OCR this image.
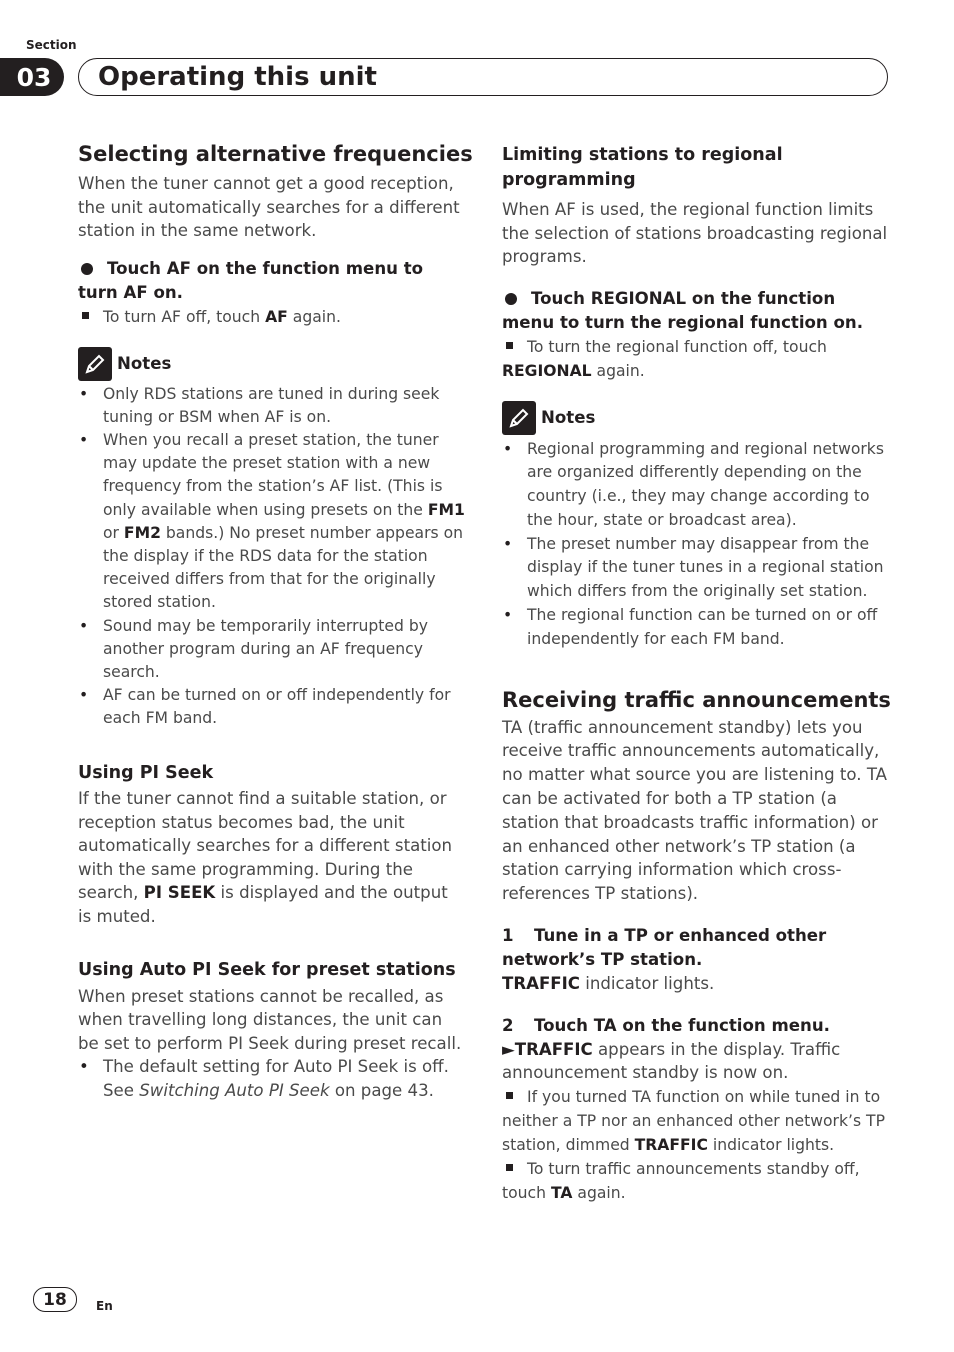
Section
03	Operating this unit

Selecting alternative frequencies

When the tuner cannot get a good reception, the unit automatically searches for a different station in the same network.

Touch AF on the function menu to turn AF on.

To turn AF off, touch AF again.

Notes
• Only RDS stations are tuned in during seek tuning or BSM when AF is on.
• When you recall a preset station, the tuner may update the preset station with a new frequency from the station’s AF list. (This is only available when using presets on the FM1 or FM2 bands.) No preset number appears on the display if the RDS data for the station received differs from that for the originally stored station.
• Sound may be temporarily interrupted by another program during an AF frequency search.
• AF can be turned on or off independently for each FM band.

Using PI Seek

If the tuner cannot find a suitable station, or reception status becomes bad, the unit automatically searches for a different station with the same programming. During the search, PI SEEK is displayed and the output is muted.

Using Auto PI Seek for preset stations

When preset stations cannot be recalled, as when travelling long distances, the unit can be set to perform PI Seek during preset recall.

• The default setting for Auto PI Seek is off. See Switching Auto PI Seek on page 43.

Limiting stations to regional programming

When AF is used, the regional function limits the selection of stations broadcasting regional programs.

Touch REGIONAL on the function menu to turn the regional function on.

To turn the regional function off, touch REGIONAL again.

Notes
• Regional programming and regional networks are organized differently depending on the country (i.e., they may change according to the hour, state or broadcast area).
• The preset number may disappear from the display if the tuner tunes in a regional station which differs from the originally set station.
• The regional function can be turned on or off independently for each FM band.

Receiving traffic announcements

TA (traffic announcement standby) lets you receive traffic announcements automatically, no matter what source you are listening to. TA can be activated for both a TP station (a station that broadcasts traffic information) or an enhanced other network’s TP station (a station carrying information which cross-references TP stations).

1 Tune in a TP or enhanced other network’s TP station.

TRAFFIC indicator lights.

2 Touch TA on the function menu.

►TRAFFIC appears in the display. Traffic announcement standby is now on.

If you turned TA function on while tuned in to neither a TP nor an enhanced other network’s TP station, dimmed TRAFFIC indicator lights.

To turn traffic announcements standby off, touch TA again.

18	En
